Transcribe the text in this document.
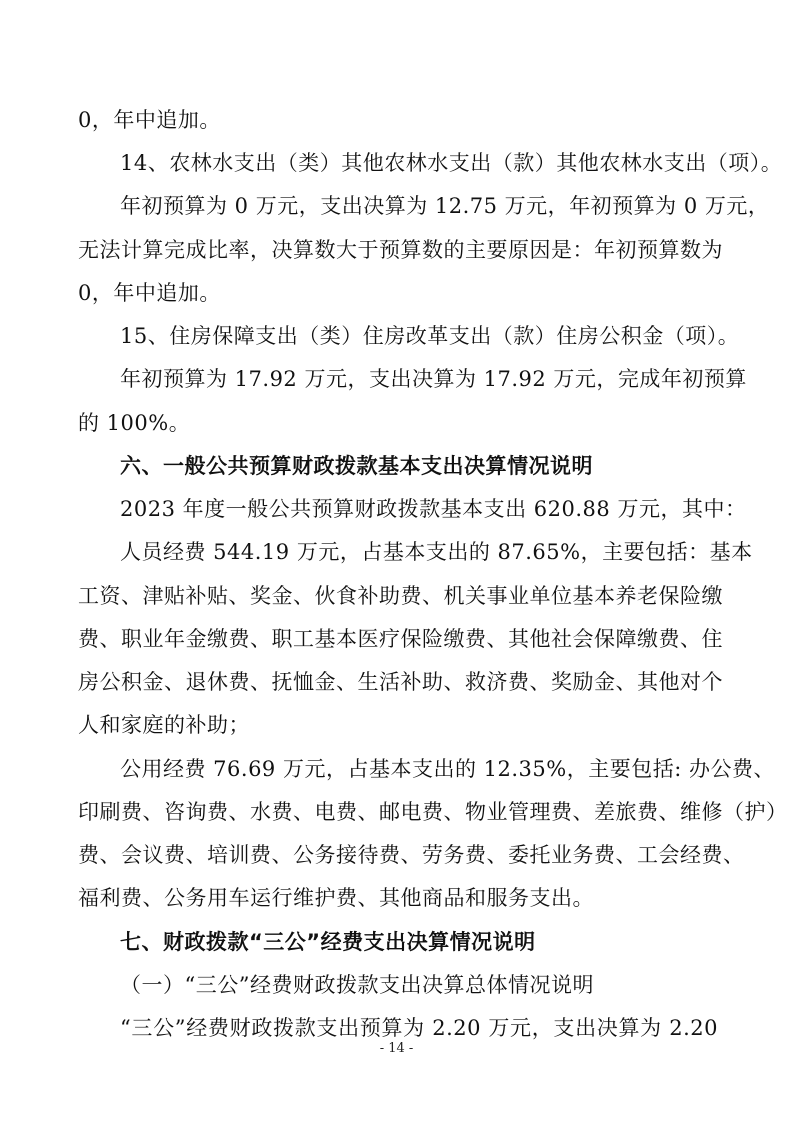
0，年中追加。
14、农林水支出（类）其他农林水支出（款）其他农林水支出（项）。
年初预算为 0 万元，支出决算为 12.75 万元，年初预算为 0 万元，
无法计算完成比率，决算数大于预算数的主要原因是：年初预算数为
0，年中追加。
15、住房保障支出（类）住房改革支出（款）住房公积金（项）。
年初预算为 17.92 万元，支出决算为 17.92 万元，完成年初预算
的 100%。
六、一般公共预算财政拨款基本支出决算情况说明
2023 年度一般公共预算财政拨款基本支出 620.88 万元，其中：
人员经费 544.19 万元，占基本支出的 87.65%，主要包括：基本
工资、津贴补贴、奖金、伙食补助费、机关事业单位基本养老保险缴
费、职业年金缴费、职工基本医疗保险缴费、其他社会保障缴费、住
房公积金、退休费、抚恤金、生活补助、救济费、奖励金、其他对个
人和家庭的补助；
公用经费 76.69 万元，占基本支出的 12.35%，主要包括: 办公费、
印刷费、咨询费、水费、电费、邮电费、物业管理费、差旅费、维修（护）
费、会议费、培训费、公务接待费、劳务费、委托业务费、工会经费、
福利费、公务用车运行维护费、其他商品和服务支出。
七、财政拨款“三公”经费支出决算情况说明
（一）“三公”经费财政拨款支出决算总体情况说明
“三公”经费财政拨款支出预算为 2.20 万元，支出决算为 2.20
- 14 -
